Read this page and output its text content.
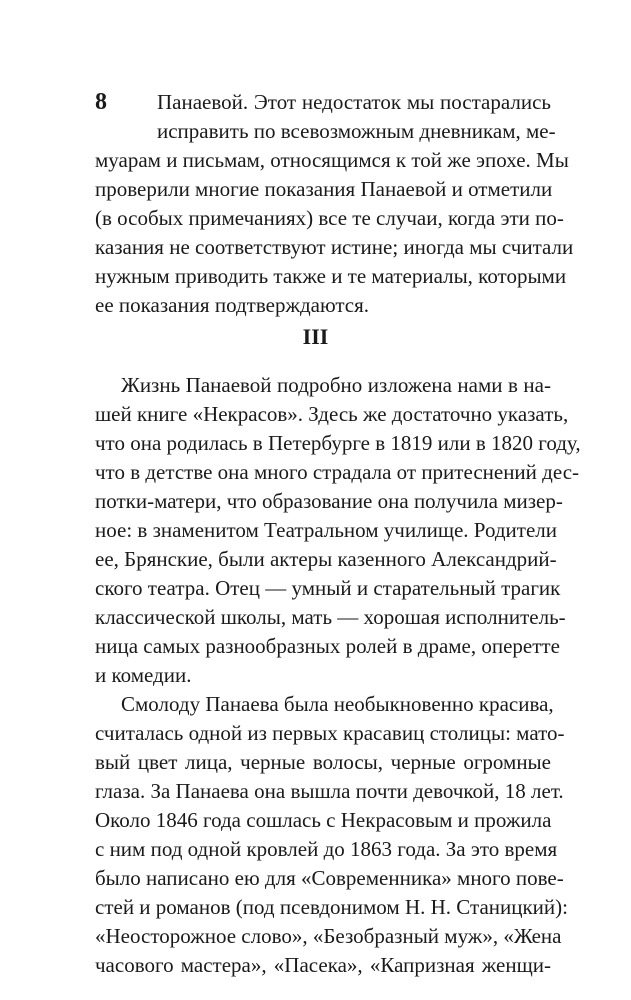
8	Панаевой. Этот недостаток мы постарались
исправить по всевозможным дневникам, ме-
муарам и письмам, относящимся к той же эпохе. Мы
проверили многие показания Панаевой и отметили
(в особых примечаниях) все те случаи, когда эти по-
казания не соответствуют истине; иногда мы считали
нужным приводить также и те материалы, которыми
ее показания подтверждаются.
III
Жизнь Панаевой подробно изложена нами в на-
шей книге «Некрасов». Здесь же достаточно указать,
что она родилась в Петербурге в 1819 или в 1820 году,
что в детстве она много страдала от притеснений дес-
потки-матери, что образование она получила мизер-
ное: в знаменитом Театральном училище. Родители
ее, Брянские, были актеры казенного Александрий-
ского театра. Отец — умный и старательный трагик
классической школы, мать — хорошая исполнитель-
ница самых разнообразных ролей в драме, оперетте
и комедии.
Смолоду Панаева была необыкновенно красива,
считалась одной из первых красавиц столицы: мато-
вый цвет лица, черные волосы, черные огромные
глаза. За Панаева она вышла почти девочкой, 18 лет.
Около 1846 года сошлась с Некрасовым и прожила
с ним под одной кровлей до 1863 года. За это время
было написано ею для «Современника» много пове-
стей и романов (под псевдонимом Н. Н. Станицкий):
«Неосторожное слово», «Безобразный муж», «Жена
часового мастера», «Пасека», «Капризная женщи-
